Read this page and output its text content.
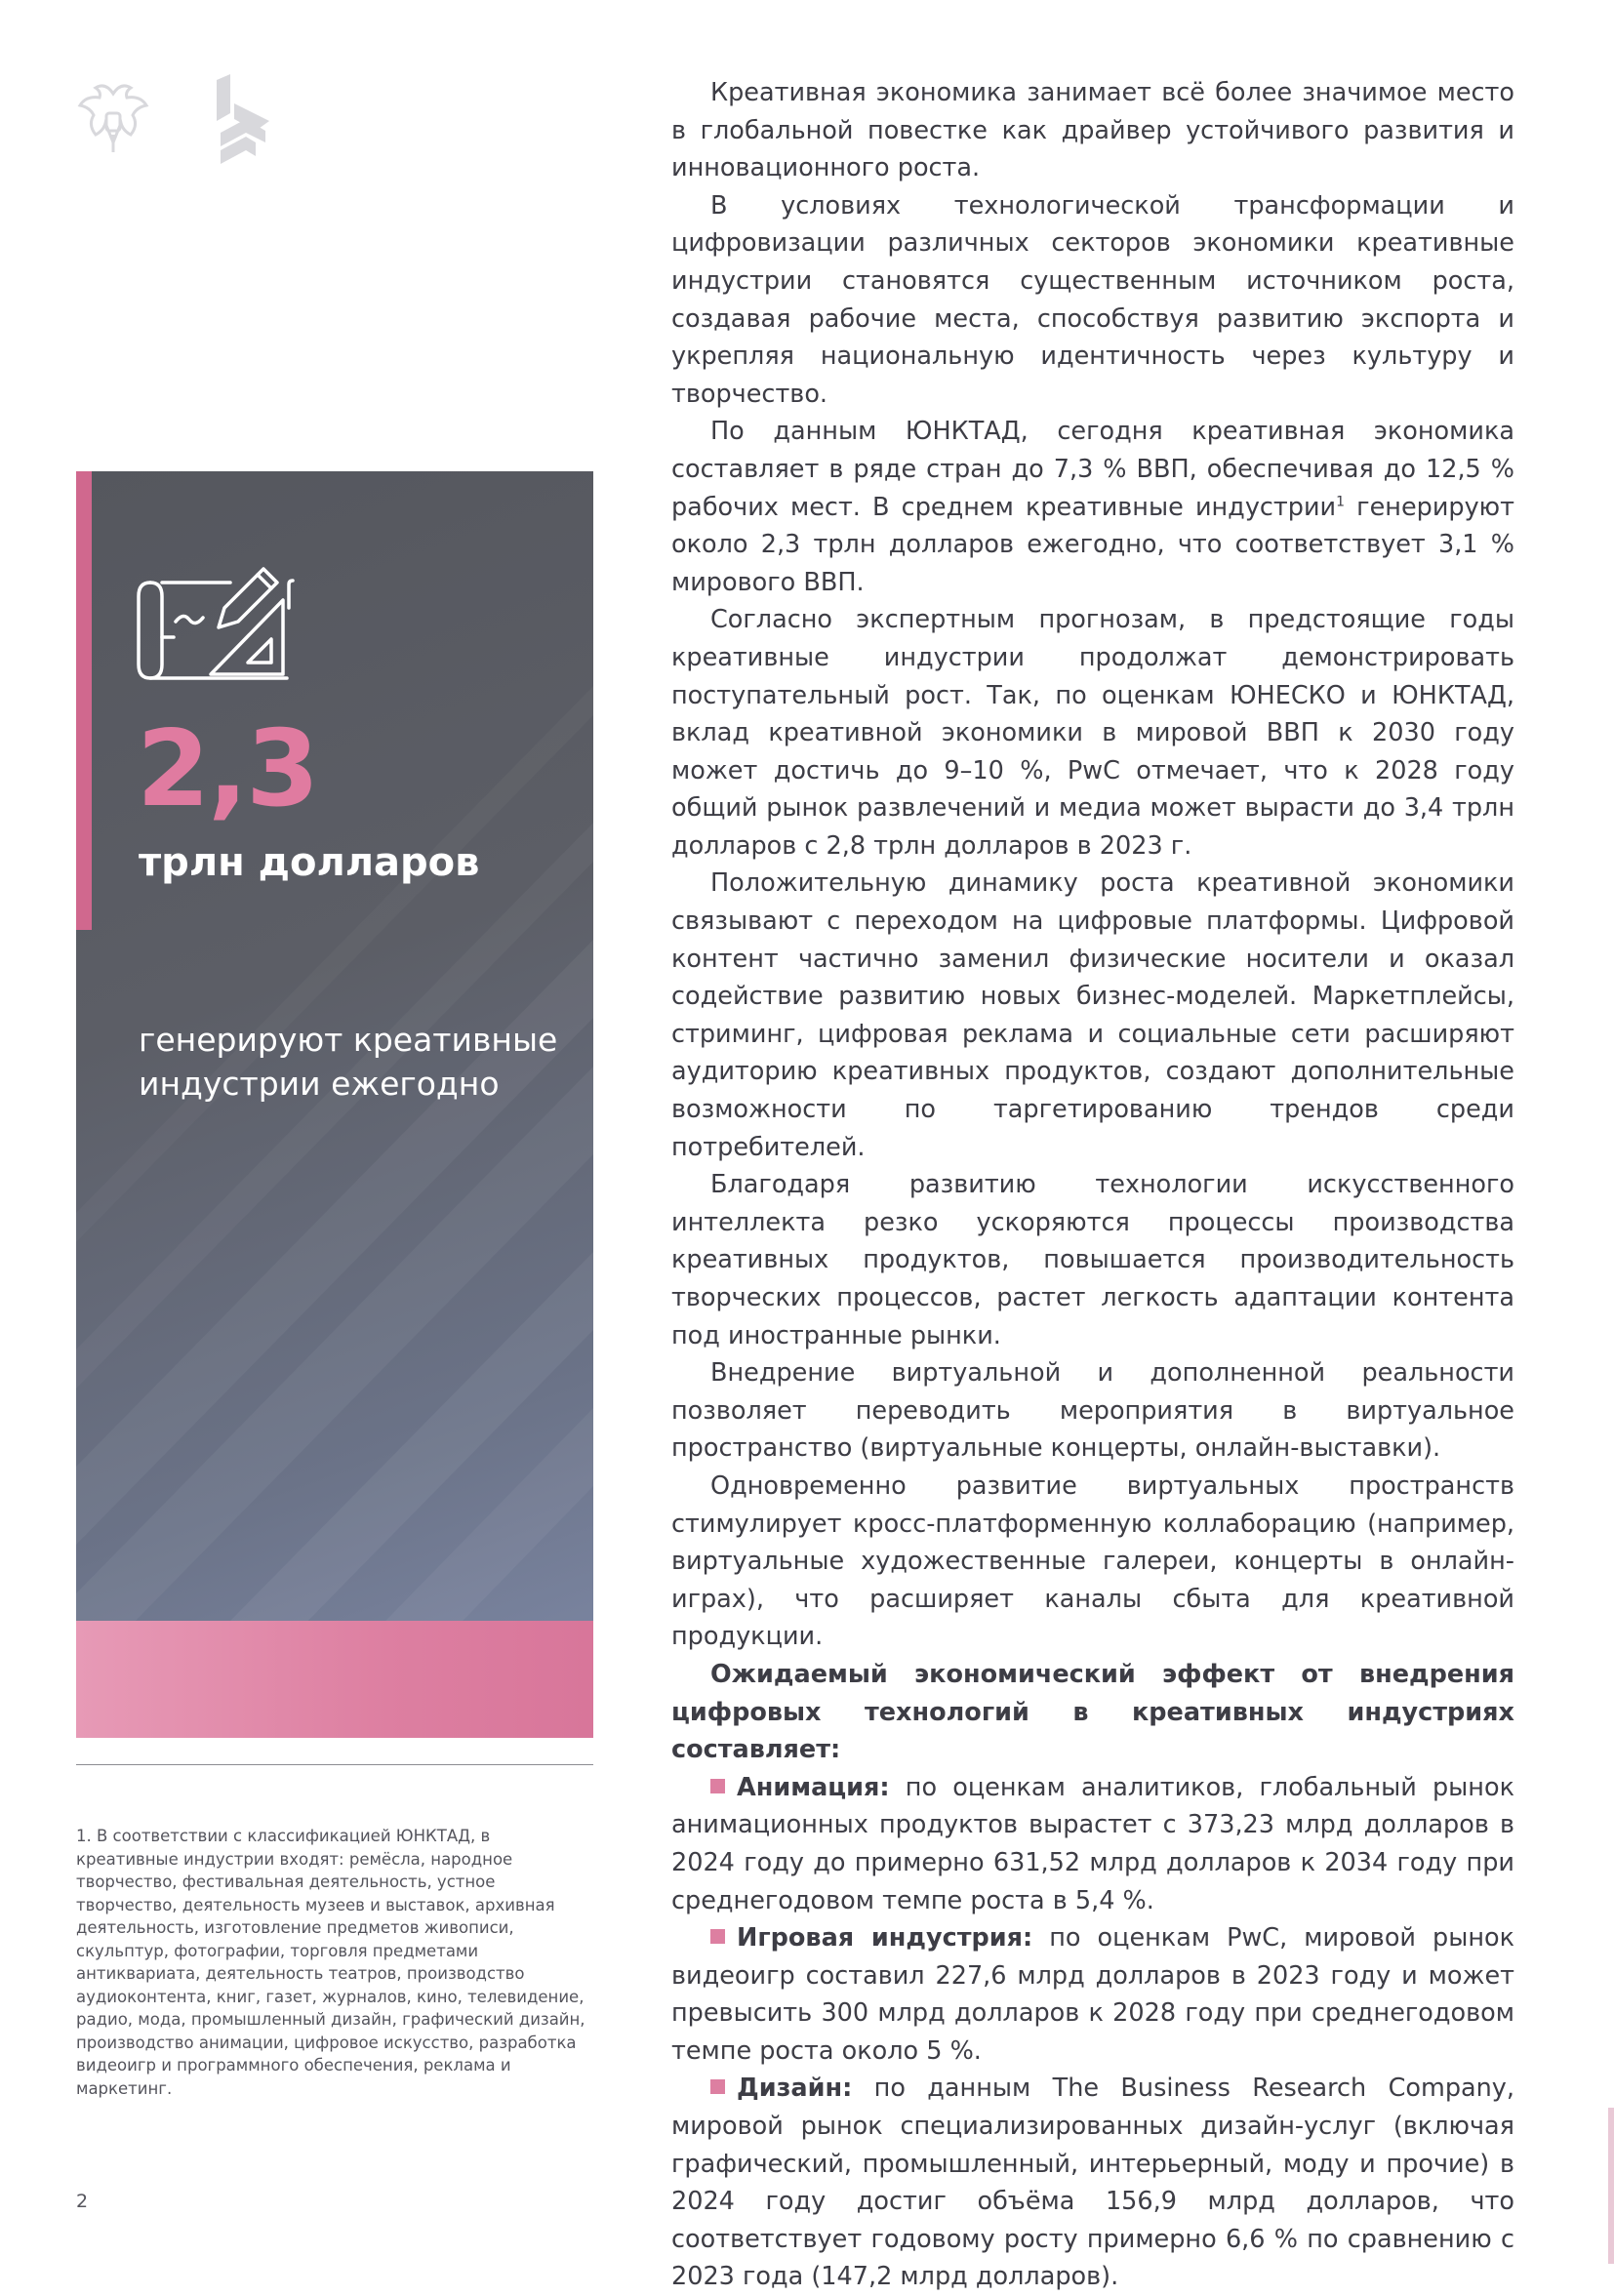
2,3
трлн долларов
генерируют креативные индустрии ежегодно
1. В соответствии с классификацией ЮНКТАД, в креативные индустрии входят: ремёсла, народное творчество, фестивальная деятельность, устное творчество, деятельность музеев и выставок, архивная деятельность, изготовление предметов живописи, скульптур, фотографии, торговля предметами антиквариата, деятельность театров, производство аудиоконтента, книг, газет, журналов, кино, телевидение, радио, мода, промышленный дизайн, графический дизайн, производство анимации, цифровое искусство, разработка видеоигр и программного обеспечения, реклама и маркетинг.
2

Креативная экономика занимает всё более значимое место в глобальной повестке как драйвер устойчивого развития и инновационного роста.

В условиях технологической трансформации и цифровизации различных секторов экономики креативные индустрии становятся существенным источником роста, создавая рабочие места, способствуя развитию экспорта и укрепляя национальную идентичность через культуру и творчество.

По данным ЮНКТАД, сегодня креативная экономика составляет в ряде стран до 7,3 % ВВП, обеспечивая до 12,5 % рабочих мест. В среднем креативные индустрии$^1$ генерируют около 2,3 трлн долларов ежегодно, что соответствует 3,1 % мирового ВВП.

Согласно экспертным прогнозам, в предстоящие годы креативные индустрии продолжат демонстрировать поступательный рост. Так, по оценкам ЮНЕСКО и ЮНКТАД, вклад креативной экономики в мировой ВВП к 2030 году может достичь до 9–10 %, PwC отмечает, что к 2028 году общий рынок развлечений и медиа может вырасти до 3,4 трлн долларов с 2,8 трлн долларов в 2023 г.

Положительную динамику роста креативной экономики связывают с переходом на цифровые платформы. Цифровой контент частично заменил физические носители и оказал содействие развитию новых бизнес-моделей. Маркетплейсы, стриминг, цифровая реклама и социальные сети расширяют аудиторию креативных продуктов, создают дополнительные возможности по таргетированию трендов среди потребителей.

Благодаря развитию технологии искусственного интеллекта резко ускоряются процессы производства креативных продуктов, повышается производительность творческих процессов, растет легкость адаптации контента под иностранные рынки.

Внедрение виртуальной и дополненной реальности позволяет переводить мероприятия в виртуальное пространство (виртуальные концерты, онлайн-выставки).

Одновременно развитие виртуальных пространств стимулирует кросс-платформенную коллаборацию (например, виртуальные художественные галереи, концерты в онлайн-играх), что расширяет каналы сбыта для креативной продукции.

Ожидаемый экономический эффект от внедрения цифровых технологий в креативных индустриях составляет:

Анимация: по оценкам аналитиков, глобальный рынок анимационных продуктов вырастет с 373,23 млрд долларов в 2024 году до примерно 631,52 млрд долларов к 2034 году при среднегодовом темпе роста в 5,4 %.

Игровая индустрия: по оценкам PwC, мировой рынок видеоигр составил 227,6 млрд долларов в 2023 году и может превысить 300 млрд долларов к 2028 году при среднегодовом темпе роста около 5 %.

Дизайн: по данным The Business Research Company, мировой рынок специализированных дизайн-услуг (включая графический, промышленный, интерьерный, моду и прочие) в 2024 году достиг объёма 156,9 млрд долларов, что соответствует годовому росту примерно 6,6 % по сравнению с 2023 года (147,2 млрд долларов).
